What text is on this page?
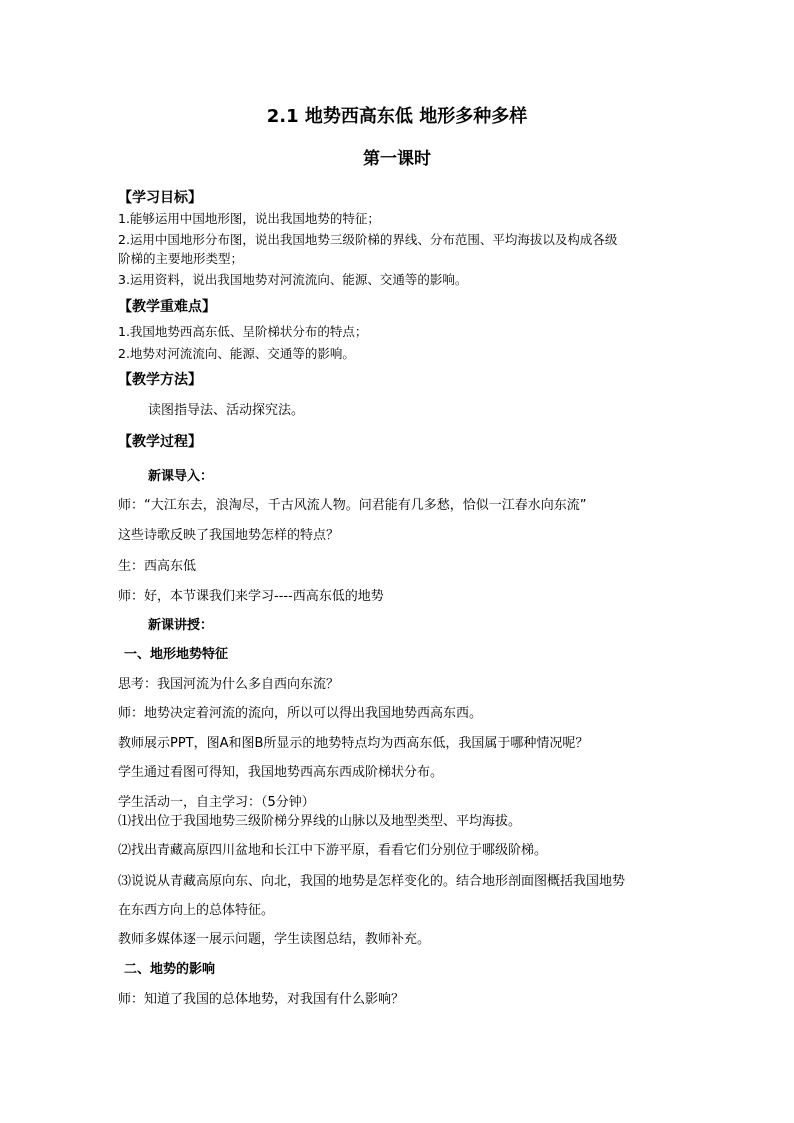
2.1 地势西高东低 地形多种多样
第一课时
【学习目标】
1.能够运用中国地形图，说出我国地势的特征；
2.运用中国地形分布图，说出我国地势三级阶梯的界线、分布范围、平均海拔以及构成各级
阶梯的主要地形类型；
3.运用资料，说出我国地势对河流流向、能源、交通等的影响。
【教学重难点】
1.我国地势西高东低、呈阶梯状分布的特点；
2.地势对河流流向、能源、交通等的影响。
【教学方法】
读图指导法、活动探究法。
【教学过程】
新课导入：
师：“大江东去，浪淘尽，千古风流人物。问君能有几多愁，恰似一江春水向东流”
这些诗歌反映了我国地势怎样的特点？
生：西高东低
师：好，本节课我们来学习----西高东低的地势
新课讲授：
一、地形地势特征
思考：我国河流为什么多自西向东流？
师：地势决定着河流的流向，所以可以得出我国地势西高东西。
教师展示PPT，图A和图B所显示的地势特点均为西高东低，我国属于哪种情况呢？
学生通过看图可得知，我国地势西高东西成阶梯状分布。
学生活动一，自主学习：（5分钟）
⑴找出位于我国地势三级阶梯分界线的山脉以及地型类型、平均海拔。
⑵找出青藏高原四川盆地和长江中下游平原，看看它们分别位于哪级阶梯。
⑶说说从青藏高原向东、向北，我国的地势是怎样变化的。结合地形剖面图概括我国地势
在东西方向上的总体特征。
教师多媒体逐一展示问题，学生读图总结，教师补充。
二、地势的影响
师：知道了我国的总体地势，对我国有什么影响？
